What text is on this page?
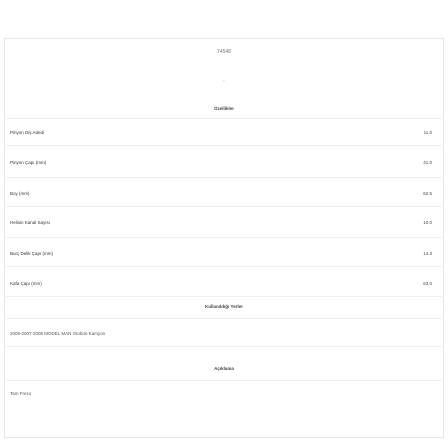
74548
-
Özellikler
Pinyon Diş Adedi	11.0
Pinyon Çapı (mm)	41.0
Boy (mm)	62.5
Helisin Kanal Sayısı	10.0
Burç Delik Çapı (mm)	14.3
Kafa Çapı (mm)	63.0
Kullanıldığı Yerler
2005-2007-2008 MODEL MAN Otobüs-Kamyon
Açıklama
Tam Frezo
